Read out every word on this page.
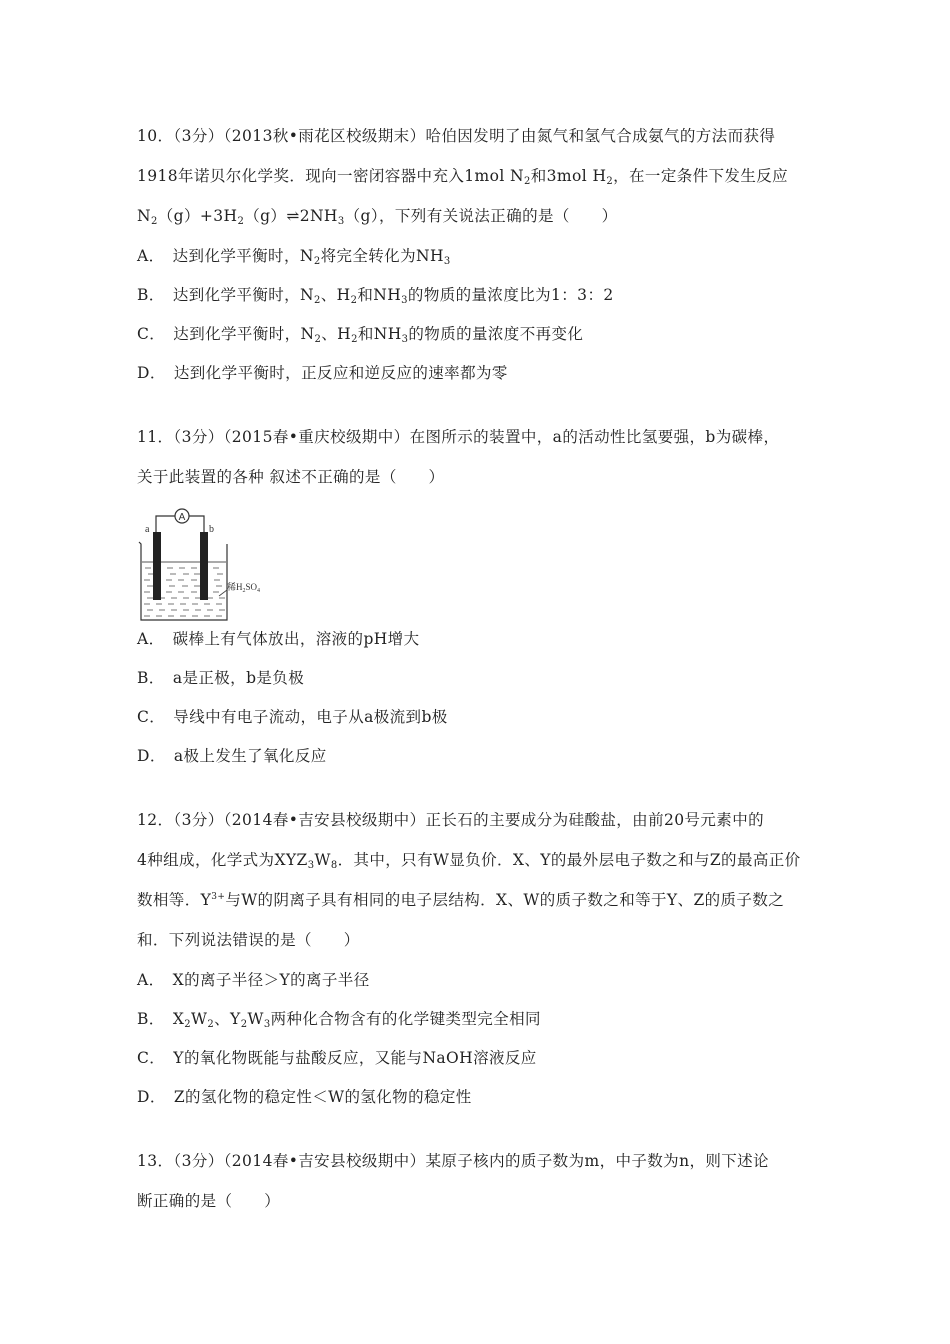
10．（3分）（2013秋•雨花区校级期末）哈伯因发明了由氮气和氢气合成氨气的方法而获得
1918年诺贝尔化学奖．现向一密闭容器中充入1mol $N_2$和3mol $H_2$，在一定条件下发生反应
$N_2(g)+3H_2(g)\rightleftharpoons 2NH_3(g)$，下列有关说法正确的是（　　）
A．　达到化学平衡时，$N_2$将完全转化为$NH_3$
B．　达到化学平衡时，$N_2$、$H_2$和$NH_3$的物质的量浓度比为1：3：2
C．　达到化学平衡时，$N_2$、$H_2$和$NH_3$的物质的量浓度不再变化
D．　达到化学平衡时，正反应和逆反应的速率都为零
11．（3分）（2015春•重庆校级期中）在图所示的装置中，a的活动性比氢要强，b为碳棒，
关于此装置的各种 叙述不正确的是（　　）
A
a	b
稀$H_2SO_4$
A．　碳棒上有气体放出，溶液的pH增大
B．　a是正极，b是负极
C．　导线中有电子流动，电子从a极流到b极
D．　a极上发生了氧化反应
12．（3分）（2014春•吉安县校级期中）正长石的主要成分为硅酸盐，由前20号元素中的
4种组成，化学式为$XYZ_3W_8$．其中，只有W显负价．X、Y的最外层电子数之和与Z的最高正价
数相等．$Y^{3+}$与W的阴离子具有相同的电子层结构．X、W的质子数之和等于Y、Z的质子数之
和．下列说法错误的是（　　）
A．　X的离子半径＞Y的离子半径
B．　$X_2W_2$、$Y_2W_3$两种化合物含有的化学键类型完全相同
C．　Y的氧化物既能与盐酸反应，又能与NaOH溶液反应
D．　Z的氢化物的稳定性＜W的氢化物的稳定性
13．（3分）（2014春•吉安县校级期中）某原子核内的质子数为m，中子数为n，则下述论
断正确的是（　　）
